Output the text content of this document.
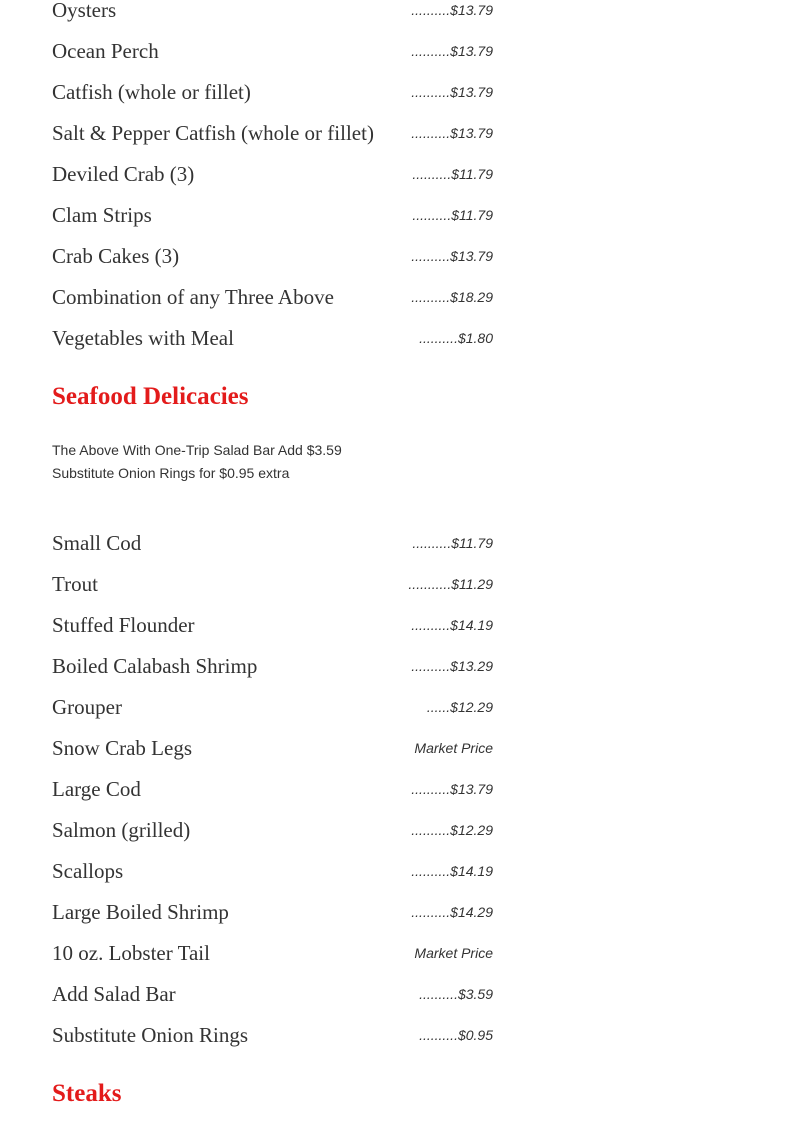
Oysters	..........$13.79
Ocean Perch	..........$13.79
Catfish (whole or fillet)	..........$13.79
Salt & Pepper Catfish (whole or fillet)	..........$13.79
Deviled Crab (3)	..........$11.79
Clam Strips	..........$11.79
Crab Cakes (3)	..........$13.79
Combination of any Three Above	..........$18.29
Vegetables with Meal	..........$1.80
Seafood Delicacies
The Above With One-Trip Salad Bar Add $3.59
Substitute Onion Rings for $0.95 extra
Small Cod	..........$11.79
Trout	...........$11.29
Stuffed Flounder	..........$14.19
Boiled Calabash Shrimp	..........$13.29
Grouper	......$12.29
Snow Crab Legs	Market Price
Large Cod	..........$13.79
Salmon (grilled)	..........$12.29
Scallops	..........$14.19
Large Boiled Shrimp	..........$14.29
10 oz. Lobster Tail	Market Price
Add Salad Bar	..........$3.59
Substitute Onion Rings	..........$0.95
Steaks
